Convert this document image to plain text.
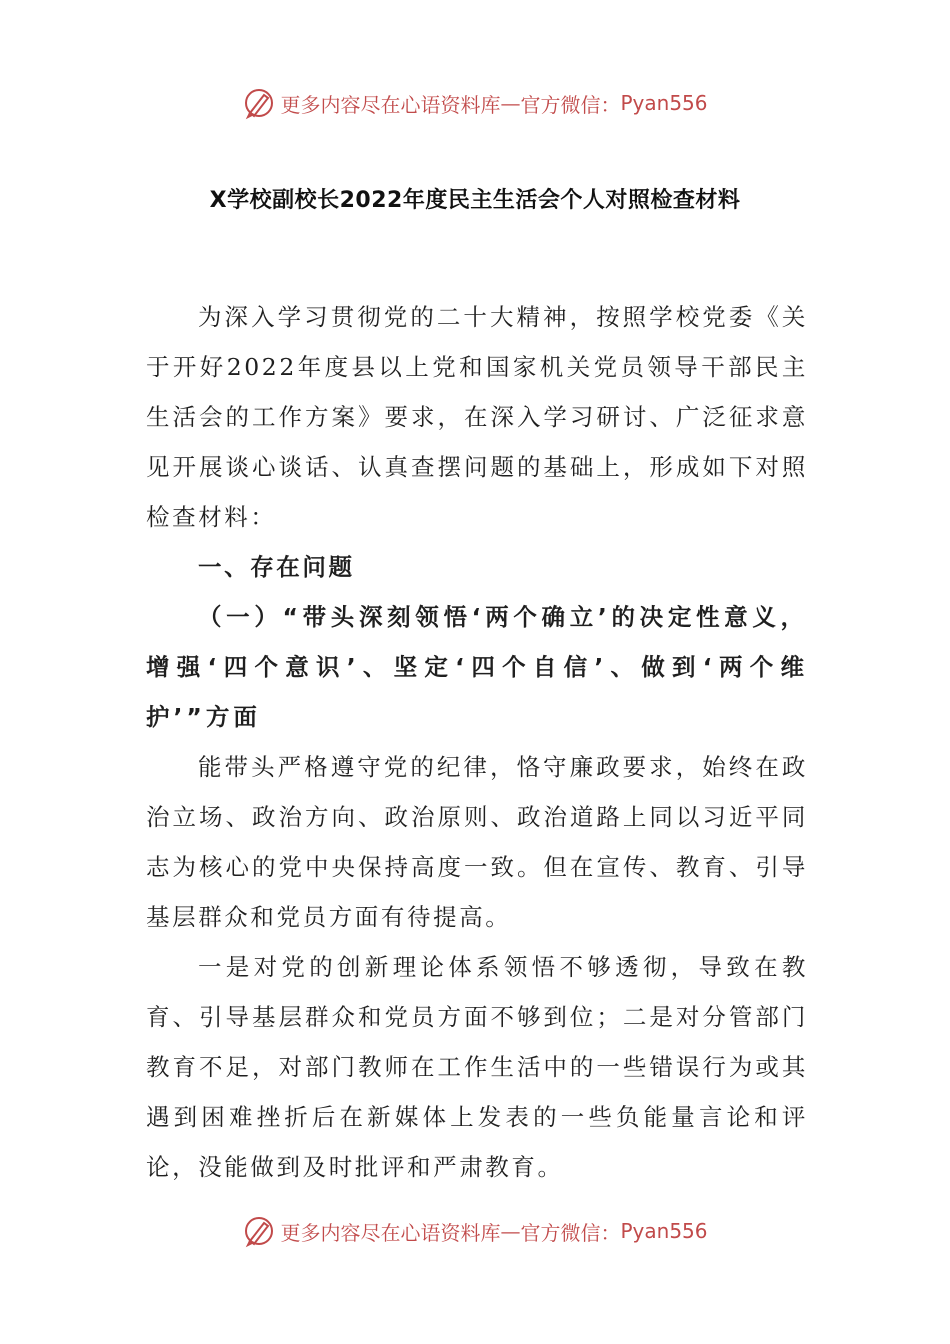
更多内容尽在心语资料库 — 官方微信： Pyan556
X学校副校长2022年度民主生活会个人对照检查材料

为深入学习贯彻党的二十大精神，按照学校党委《关于开好2022年度县以上党和国家机关党员领导干部民主生活会的工作方案》要求，在深入学习研讨、广泛征求意见开展谈心谈话、认真查摆问题的基础上，形成如下对照检查材料：

一、存在问题

（一）“带头深刻领悟‘两个确立’的决定性意义，增强‘四个意识’、坚定‘四个自信’、做到‘两个维护’”方面

能带头严格遵守党的纪律，恪守廉政要求，始终在政治立场、政治方向、政治原则、政治道路上同以习近平同志为核心的党中央保持高度一致。但在宣传、教育、引导基层群众和党员方面有待提高。

一是对党的创新理论体系领悟不够透彻，导致在教育、引导基层群众和党员方面不够到位；二是对分管部门教育不足，对部门教师在工作生活中的一些错误行为或其遇到困难挫折后在新媒体上发表的一些负能量言论和评论，没能做到及时批评和严肃教育。

更多内容尽在心语资料库 — 官方微信： Pyan556
